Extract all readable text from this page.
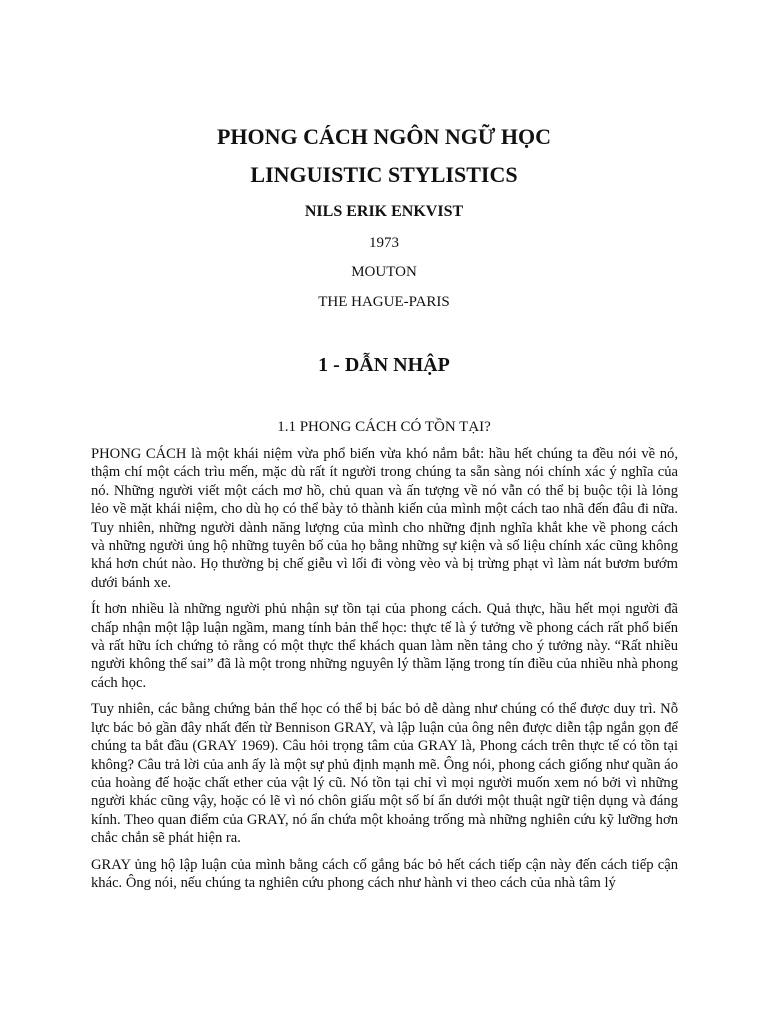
PHONG CÁCH NGÔN NGỮ HỌC
LINGUISTIC STYLISTICS
NILS ERIK ENKVIST
1973
MOUTON
THE HAGUE-PARIS
1 - DẪN NHẬP
1.1 PHONG CÁCH CÓ TỒN TẠI?

PHONG CÁCH là một khái niệm vừa phổ biến vừa khó nắm bắt: hầu hết chúng ta đều nói về nó, thậm chí một cách trìu mến, mặc dù rất ít người trong chúng ta sẵn sàng nói chính xác ý nghĩa của nó. Những người viết một cách mơ hồ, chủ quan và ấn tượng về nó vẫn có thể bị buộc tội là lỏng lẻo về mặt khái niệm, cho dù họ có thể bày tỏ thành kiến của mình một cách tao nhã đến đâu đi nữa. Tuy nhiên, những người dành năng lượng của mình cho những định nghĩa khắt khe về phong cách và những người ủng hộ những tuyên bố của họ bằng những sự kiện và số liệu chính xác cũng không khá hơn chút nào. Họ thường bị chế giễu vì lối đi vòng vèo và bị trừng phạt vì làm nát bươm bướm dưới bánh xe.

Ít hơn nhiều là những người phủ nhận sự tồn tại của phong cách. Quả thực, hầu hết mọi người đã chấp nhận một lập luận ngầm, mang tính bản thể học: thực tế là ý tưởng về phong cách rất phổ biến và rất hữu ích chứng tỏ rằng có một thực thể khách quan làm nền tảng cho ý tưởng này. “Rất nhiều người không thể sai” đã là một trong những nguyên lý thầm lặng trong tín điều của nhiều nhà phong cách học.

Tuy nhiên, các bằng chứng bản thể học có thể bị bác bỏ dễ dàng như chúng có thể được duy trì. Nỗ lực bác bỏ gần đây nhất đến từ Bennison GRAY, và lập luận của ông nên được diễn tập ngắn gọn để chúng ta bắt đầu (GRAY 1969). Câu hỏi trọng tâm của GRAY là, Phong cách trên thực tế có tồn tại không? Câu trả lời của anh ấy là một sự phủ định mạnh mẽ. Ông nói, phong cách giống như quần áo của hoàng đế hoặc chất ether của vật lý cũ. Nó tồn tại chỉ vì mọi người muốn xem nó bởi vì những người khác cũng vậy, hoặc có lẽ vì nó chôn giấu một số bí ẩn dưới một thuật ngữ tiện dụng và đáng kính. Theo quan điểm của GRAY, nó ẩn chứa một khoảng trống mà những nghiên cứu kỹ lưỡng hơn chắc chắn sẽ phát hiện ra.

GRAY ủng hộ lập luận của mình bằng cách cố gắng bác bỏ hết cách tiếp cận này đến cách tiếp cận khác. Ông nói, nếu chúng ta nghiên cứu phong cách như hành vi theo cách của nhà tâm lý
